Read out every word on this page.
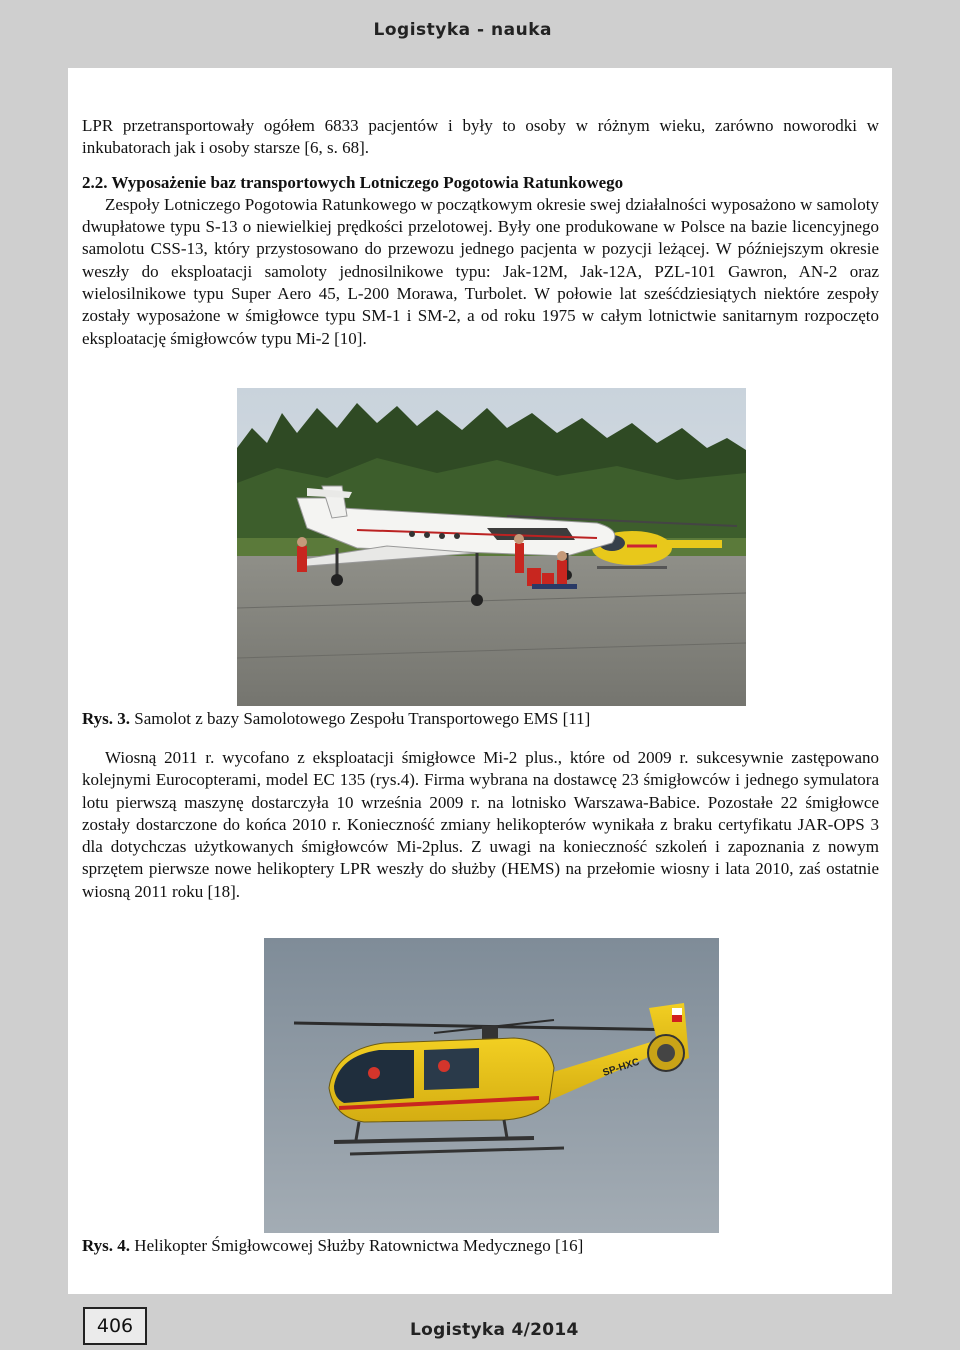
Logistyka - nauka

LPR przetransportowały ogółem 6833 pacjentów i były to osoby w różnym wieku, zarówno noworodki w inkubatorach jak i osoby starsze [6, s. 68].

2.2. Wyposażenie baz transportowych Lotniczego Pogotowia Ratunkowego

Zespoły Lotniczego Pogotowia Ratunkowego w początkowym okresie swej działalności wyposażono w samoloty dwupłatowe typu S-13 o niewielkiej prędkości przelotowej. Były one produkowane w Polsce na bazie licencyjnego samolotu CSS-13, który przystosowano do przewozu jednego pacjenta w pozycji leżącej. W późniejszym okresie weszły do eksploatacji samoloty jednosilnikowe typu: Jak-12M, Jak-12A, PZL-101 Gawron, AN-2 oraz wielosilnikowe typu Super Aero 45, L-200 Morawa, Turbolet. W połowie lat sześćdziesiątych niektóre zespoły zostały wyposażone w śmigłowce typu SM-1 i SM-2, a od roku 1975 w całym lotnictwie sanitarnym rozpoczęto eksploatację śmigłowców typu Mi-2 [10].

Rys. 3. Samolot z bazy Samolotowego Zespołu Transportowego EMS [11]

Wiosną 2011 r. wycofano z eksploatacji śmigłowce Mi-2 plus., które od 2009 r. sukcesywnie zastępowano kolejnymi Eurocopterami, model EC 135 (rys.4). Firma wybrana na dostawcę 23 śmigłowców i jednego symulatora lotu pierwszą maszynę dostarczyła 10 września 2009 r. na lotnisko Warszawa-Babice. Pozostałe 22 śmigłowce zostały dostarczone do końca 2010 r. Konieczność zmiany helikopterów wynikała z braku certyfikatu JAR-OPS 3 dla dotychczas użytkowanych śmigłowców Mi-2plus. Z uwagi na konieczność szkoleń i zapoznania z nowym sprzętem pierwsze nowe helikoptery LPR weszły do służby (HEMS) na przełomie wiosny i lata 2010, zaś ostatnie wiosną 2011 roku [18].

SP-HXC
Rys. 4. Helikopter Śmigłowcowej Służby Ratownictwa Medycznego [16]
406	Logistyka 4/2014
